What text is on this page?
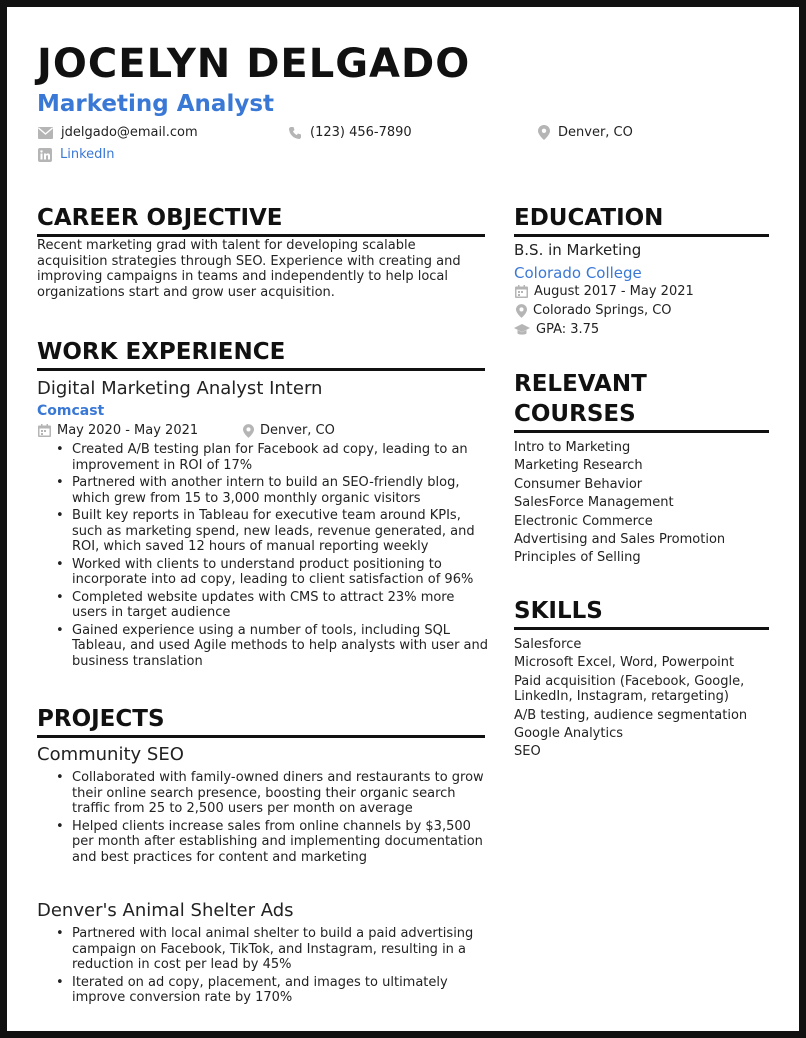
JOCELYN DELGADO
Marketing Analyst
jdelgado@email.com	(123) 456-7890	Denver, CO
LinkedIn
CAREER OBJECTIVE

Recent marketing grad with talent for developing scalable acquisition strategies through SEO. Experience with creating and improving campaigns in teams and independently to help local organizations start and grow user acquisition.

WORK EXPERIENCE

Digital Marketing Analyst Intern

Comcast

May 2020 - May 2021	Denver, CO
• Created A/B testing plan for Facebook ad copy, leading to an improvement in ROI of 17%
• Partnered with another intern to build an SEO-friendly blog, which grew from 15 to 3,000 monthly organic visitors
• Built key reports in Tableau for executive team around KPIs, such as marketing spend, new leads, revenue generated, and ROI, which saved 12 hours of manual reporting weekly
• Worked with clients to understand product positioning to incorporate into ad copy, leading to client satisfaction of 96%
• Completed website updates with CMS to attract 23% more users in target audience
• Gained experience using a number of tools, including SQL Tableau, and used Agile methods to help analysts with user and business translation
PROJECTS

Community SEO

• Collaborated with family-owned diners and restaurants to grow their online search presence, boosting their organic search traffic from 25 to 2,500 users per month on average
• Helped clients increase sales from online channels by $3,500 per month after establishing and implementing documentation and best practices for content and marketing

Denver's Animal Shelter Ads

• Partnered with local animal shelter to build a paid advertising campaign on Facebook, TikTok, and Instagram, resulting in a reduction in cost per lead by 45%
• Iterated on ad copy, placement, and images to ultimately improve conversion rate by 170%
EDUCATION

B.S. in Marketing

Colorado College

August 2017 - May 2021
Colorado Springs, CO
GPA: 3.75
RELEVANT
COURSES
Intro to Marketing
Marketing Research
Consumer Behavior
SalesForce Management
Electronic Commerce
Advertising and Sales Promotion
Principles of Selling
SKILLS
Salesforce
Microsoft Excel, Word, Powerpoint
Paid acquisition (Facebook, Google, LinkedIn, Instagram, retargeting)
A/B testing, audience segmentation
Google Analytics
SEO
